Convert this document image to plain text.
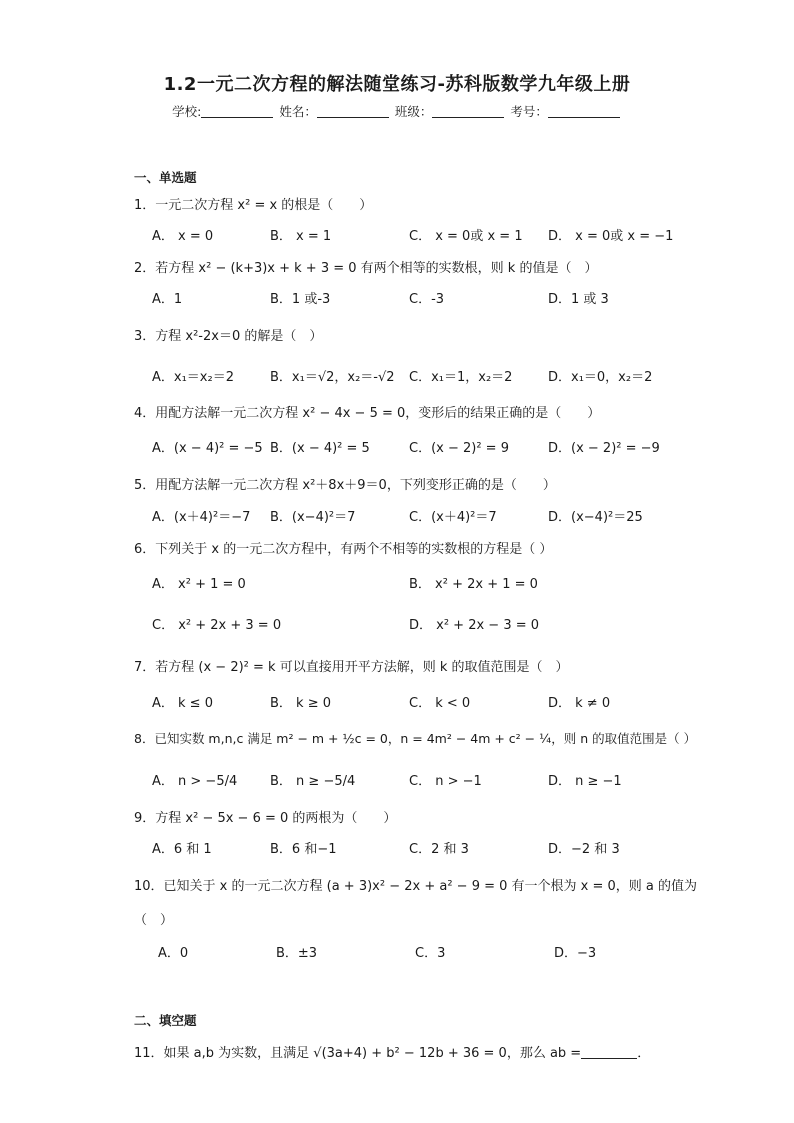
1.2一元二次方程的解法随堂练习-苏科版数学九年级上册
学校:	姓名：	班级：	考号：
一、单选题
1．一元二次方程 x² = x 的根是（　　）
A． x = 0	B． x = 1	C． x = 0或 x = 1 D． x = 0或 x = −1
2．若方程 x² − (k+3)x + k + 3 = 0 有两个相等的实数根，则 k 的值是（　）
A．1	B．1 或-3	C．-3	D．1 或 3
3．方程 x²-2x＝0 的解是（　）
A．x₁＝x₂＝2	B．x₁＝√2，x₂＝-√2 C．x₁＝1，x₂＝2	D．x₁＝0，x₂＝2
4．用配方法解一元二次方程 x² − 4x − 5 = 0，变形后的结果正确的是（　　）
A．(x − 4)² = −5 B．(x − 4)² = 5	C．(x − 2)² = 9	D．(x − 2)² = −9
5．用配方法解一元二次方程 x²＋8x＋9＝0，下列变形正确的是（　　）
A．(x＋4)²＝−7 B．(x−4)²＝7	C．(x＋4)²＝7	D．(x−4)²＝25
6．下列关于 x 的一元二次方程中，有两个不相等的实数根的方程是（ ）
A． x² + 1 = 0	B． x² + 2x + 1 = 0
C． x² + 2x + 3 = 0	D． x² + 2x − 3 = 0
7．若方程 (x − 2)² = k 可以直接用开平方法解，则 k 的取值范围是（　）
A． k ≤ 0	B． k ≥ 0	C． k < 0	D． k ≠ 0
8．已知实数 m,n,c 满足 m² − m + ½c = 0，n = 4m² − 4m + c² − ¼，则 n 的取值范围是（ ）
A． n > −5/4	B． n ≥ −5/4	C． n > −1	D． n ≥ −1
9．方程 x² − 5x − 6 = 0 的两根为（　　）
A．6 和 1	B．6 和−1	C．2 和 3	D．−2 和 3
10．已知关于 x 的一元二次方程 (a + 3)x² − 2x + a² − 9 = 0 有一个根为 x = 0，则 a 的值为
（　）
A．0	B．±3	C．3	D．−3
二、填空题
11．如果 a,b 为实数，且满足 √(3a+4) + b² − 12b + 36 = 0，那么 ab =	．
